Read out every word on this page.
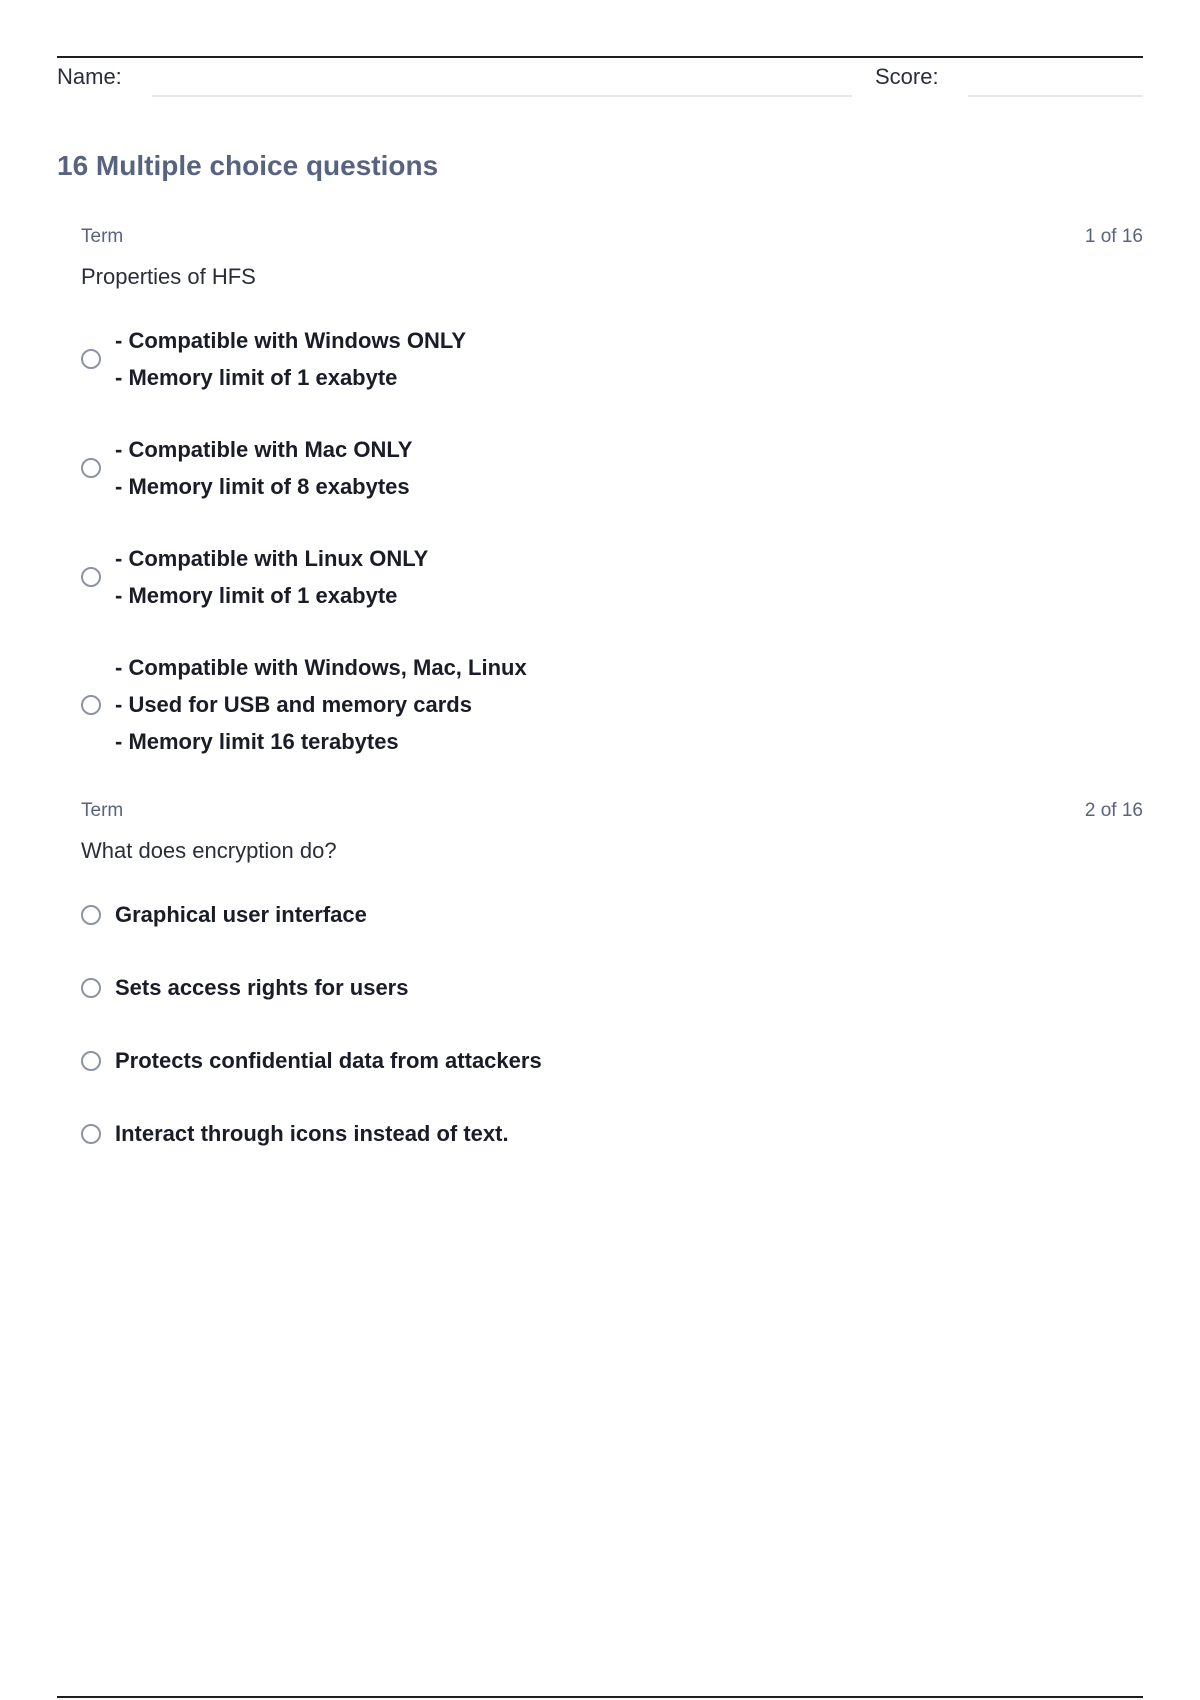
Name:	Score:
16 Multiple choice questions
Term	1 of 16
Properties of HFS
- Compatible with Windows ONLY
- Memory limit of 1 exabyte
- Compatible with Mac ONLY
- Memory limit of 8 exabytes
- Compatible with Linux ONLY
- Memory limit of 1 exabyte
- Compatible with Windows, Mac, Linux
- Used for USB and memory cards
- Memory limit 16 terabytes
Term	2 of 16
What does encryption do?
Graphical user interface
Sets access rights for users
Protects confidential data from attackers
Interact through icons instead of text.
